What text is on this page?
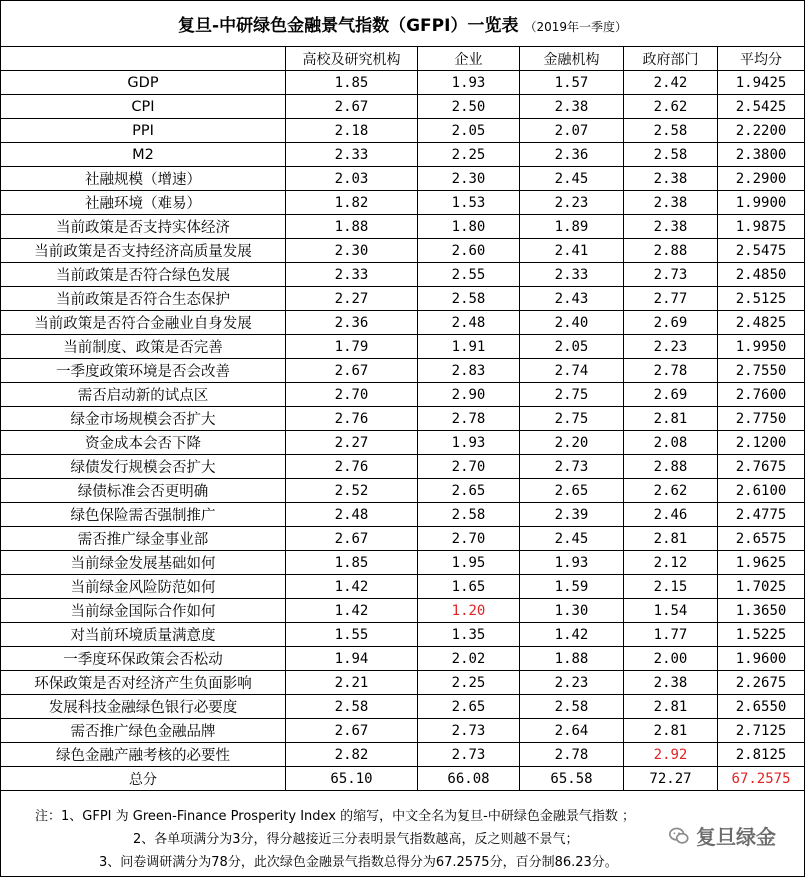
复旦-中研绿色金融景气指数（GFPI）一览表 （2019年一季度）					
	高校及研究机构	企业	金融机构	政府部门	平均分
GDP	1.85	1.93	1.57	2.42	1.9425
CPI	2.67	2.50	2.38	2.62	2.5425
PPI	2.18	2.05	2.07	2.58	2.2200
M2	2.33	2.25	2.36	2.58	2.3800
社融规模（增速）	2.03	2.30	2.45	2.38	2.2900
社融环境（难易）	1.82	1.53	2.23	2.38	1.9900
当前政策是否支持实体经济	1.88	1.80	1.89	2.38	1.9875
当前政策是否支持经济高质量发展	2.30	2.60	2.41	2.88	2.5475
当前政策是否符合绿色发展	2.33	2.55	2.33	2.73	2.4850
当前政策是否符合生态保护	2.27	2.58	2.43	2.77	2.5125
当前政策是否符合金融业自身发展	2.36	2.48	2.40	2.69	2.4825
当前制度、政策是否完善	1.79	1.91	2.05	2.23	1.9950
一季度政策环境是否会改善	2.67	2.83	2.74	2.78	2.7550
需否启动新的试点区	2.70	2.90	2.75	2.69	2.7600
绿金市场规模会否扩大	2.76	2.78	2.75	2.81	2.7750
资金成本会否下降	2.27	1.93	2.20	2.08	2.1200
绿债发行规模会否扩大	2.76	2.70	2.73	2.88	2.7675
绿债标准会否更明确	2.52	2.65	2.65	2.62	2.6100
绿色保险需否强制推广	2.48	2.58	2.39	2.46	2.4775
需否推广绿金事业部	2.67	2.70	2.45	2.81	2.6575
当前绿金发展基础如何	1.85	1.95	1.93	2.12	1.9625
当前绿金风险防范如何	1.42	1.65	1.59	2.15	1.7025
当前绿金国际合作如何	1.42	1.20	1.30	1.54	1.3650
对当前环境质量满意度	1.55	1.35	1.42	1.77	1.5225
一季度环保政策会否松动	1.94	2.02	1.88	2.00	1.9600
环保政策是否对经济产生负面影响	2.21	2.25	2.23	2.38	2.2675
发展科技金融绿色银行必要度	2.58	2.65	2.58	2.81	2.6550
需否推广绿色金融品牌	2.67	2.73	2.64	2.81	2.7125
绿色金融产融考核的必要性	2.82	2.73	2.78	2.92	2.8125
总分	65.10	66.08	65.58	72.27	67.2575

注：1、GFPI 为 Green-Finance Prosperity Index 的缩写，中文全名为复旦-中研绿色金融景气指数 ；
2、各单项满分为3分，得分越接近三分表明景气指数越高，反之则越不景气；
3、问卷调研满分为78分，此次绿色金融景气指数总得分为67.2575分，百分制86.23分。
复旦绿金					
